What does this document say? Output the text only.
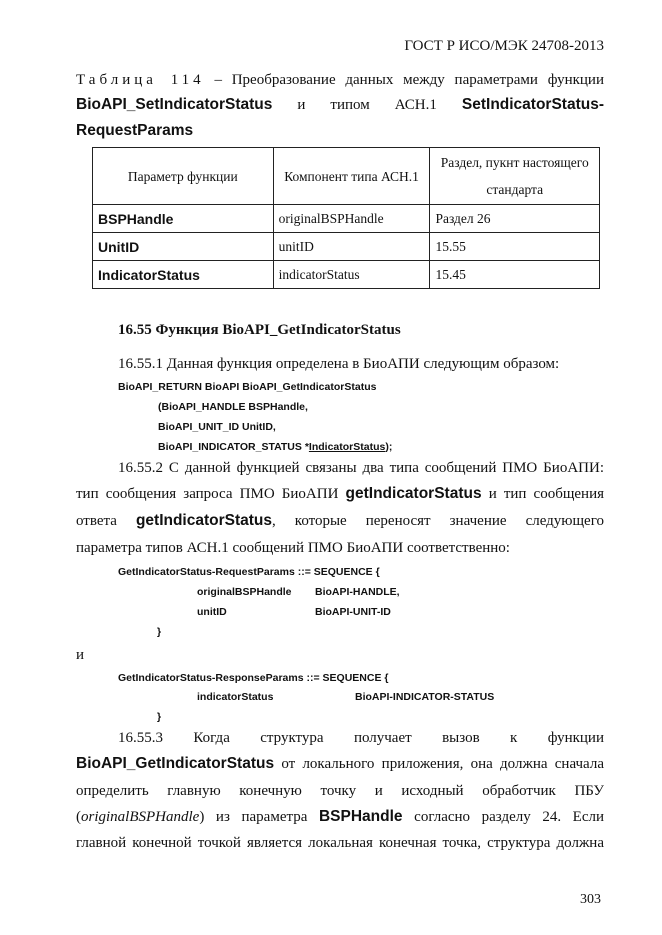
ГОСТ Р ИСО/МЭК 24708-2013
Таблица 114 – Преобразование данных между параметрами функции
BioAPI_SetIndicatorStatus и типом АСН.1 SetIndicatorStatus-
RequestParams
Параметр функции	Компонент типа АСН.1	Раздел, пукнт настоящего стандарта
BSPHandle	originalBSPHandle	Раздел 26
UnitID	unitID	15.55
IndicatorStatus	indicatorStatus	15.45
16.55 Функция BioAPI_GetIndicatorStatus
16.55.1 Данная функция определена в БиоАПИ следующим образом:
BioAPI_RETURN BioAPI BioAPI_GetIndicatorStatus
(BioAPI_HANDLE BSPHandle,
BioAPI_UNIT_ID UnitID,
BioAPI_INDICATOR_STATUS *IndicatorStatus);
16.55.2 С данной функцией связаны два типа сообщений ПМО БиоАПИ:
тип сообщения запроса ПМО БиоАПИ getIndicatorStatus и тип сообщения
ответа getIndicatorStatus, которые переносят значение следующего
параметра типов АСН.1 сообщений ПМО БиоАПИ соответственно:
GetIndicatorStatus-RequestParams ::= SEQUENCE {
originalBSPHandle BioAPI-HANDLE,
unitID	BioAPI-UNIT-ID
}
и
GetIndicatorStatus-ResponseParams ::= SEQUENCE {
indicatorStatus	BioAPI-INDICATOR-STATUS
}
16.55.3 Когда структура получает вызов к функции
BioAPI_GetIndicatorStatus от локального приложения, она должна сначала
определить главную конечную точку и исходный обработчик ПБУ
(originalBSPHandle) из параметра BSPHandle согласно разделу 24. Если
главной конечной точкой является локальная конечная точка, структура должна
303
